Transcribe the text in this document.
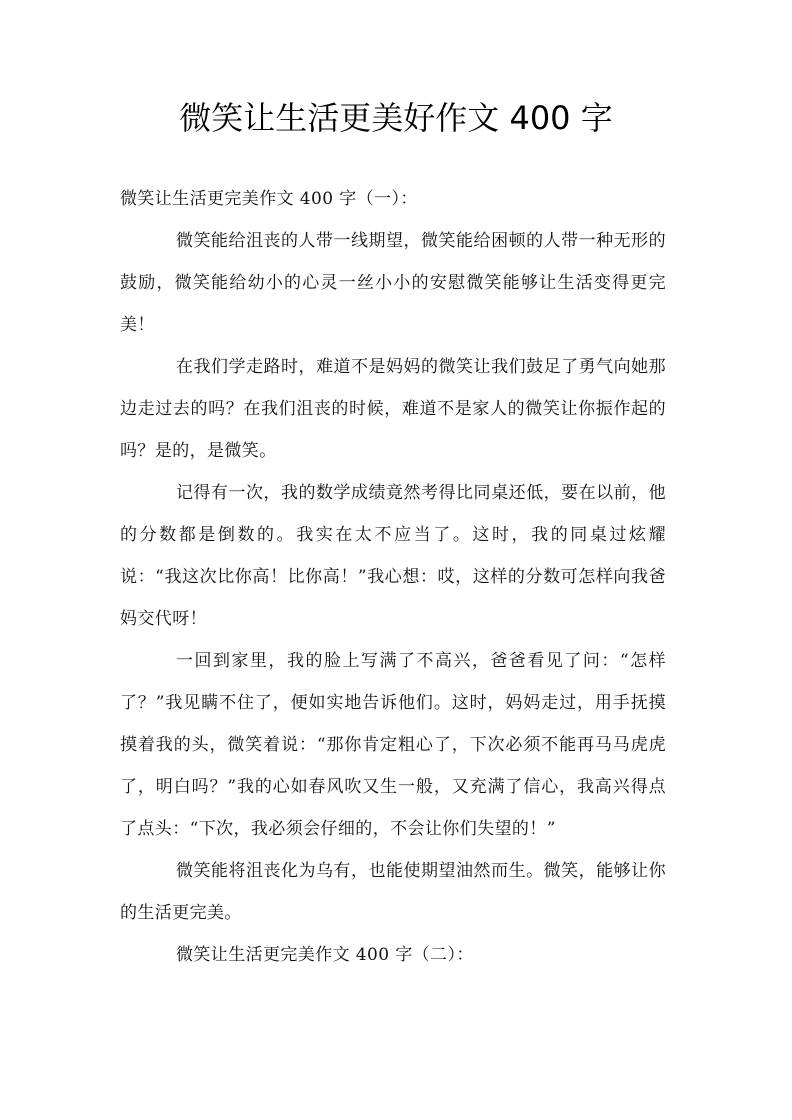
微笑让生活更美好作文 400 字

微笑让生活更完美作文 400 字（一）：

微笑能给沮丧的人带一线期望，微笑能给困顿的人带一种无形的鼓励，微笑能给幼小的心灵一丝小小的安慰微笑能够让生活变得更完美！

在我们学走路时，难道不是妈妈的微笑让我们鼓足了勇气向她那边走过去的吗？在我们沮丧的时候，难道不是家人的微笑让你振作起的吗？是的，是微笑。

记得有一次，我的数学成绩竟然考得比同桌还低，要在以前，他的分数都是倒数的。我实在太不应当了。这时，我的同桌过炫耀说：“我这次比你高！比你高！”我心想：哎，这样的分数可怎样向我爸妈交代呀！

一回到家里，我的脸上写满了不高兴，爸爸看见了问：“怎样了？”我见瞒不住了，便如实地告诉他们。这时，妈妈走过，用手抚摸摸着我的头，微笑着说：“那你肯定粗心了，下次必须不能再马马虎虎了，明白吗？”我的心如春风吹又生一般，又充满了信心，我高兴得点了点头：“下次，我必须会仔细的，不会让你们失望的！”

微笑能将沮丧化为乌有，也能使期望油然而生。微笑，能够让你的生活更完美。

微笑让生活更完美作文 400 字（二）：
